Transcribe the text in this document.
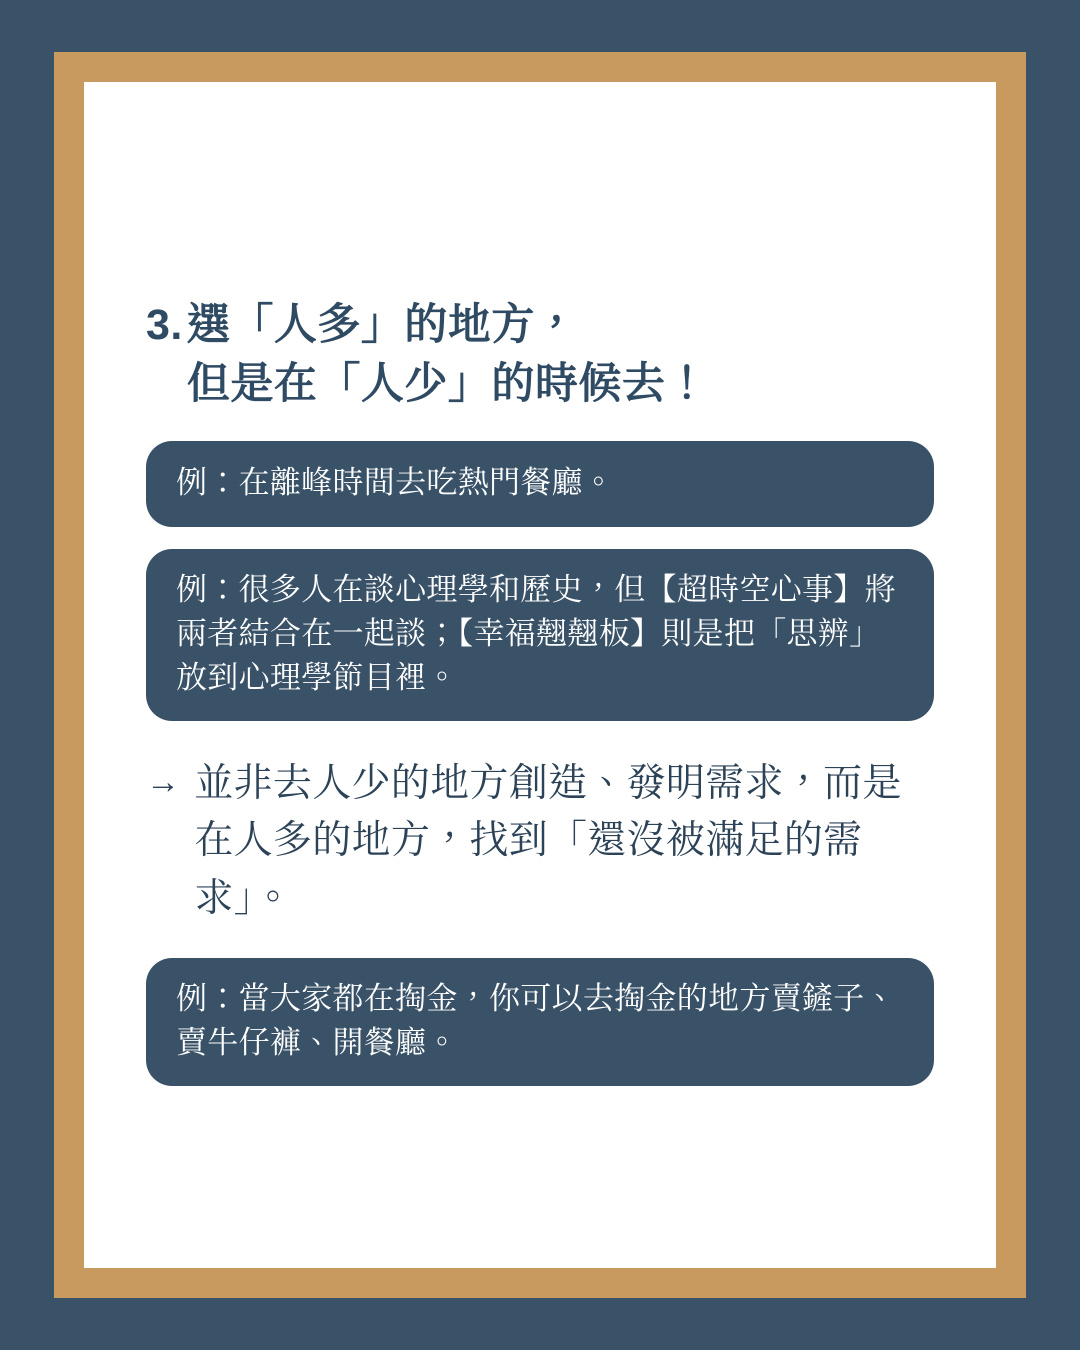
3. 選「人多」的地方，
但是在「人少」的時候去！
例：在離峰時間去吃熱門餐廳。
例：很多人在談心理學和歷史，但【超時空心事】將兩者結合在一起談；【幸福翹翹板】則是把「思辨」放到心理學節目裡。
→ 並非去人少的地方創造、發明需求，而是在人多的地方，找到「還沒被滿足的需求」。
例：當大家都在掏金，你可以去掏金的地方賣鏟子、賣牛仔褲、開餐廳。
